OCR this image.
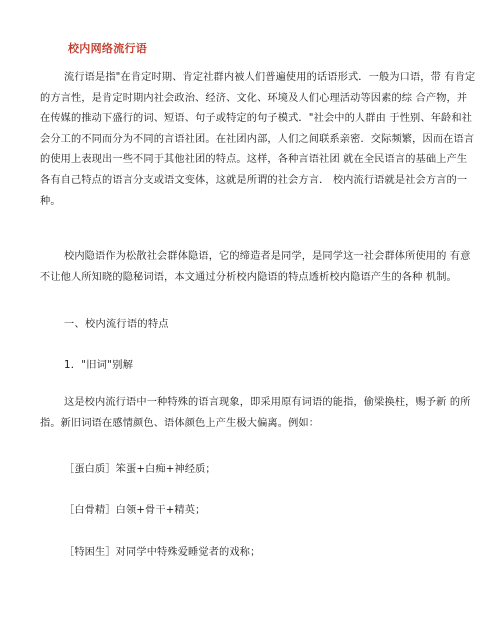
校内网络流行语
流行语是指"在肯定时期、肯定社群内被人们普遍使用的话语形式．一般为口语，带 有肯定
的方言性，是肯定时期内社会政治、经济、文化、环境及人们心理活动等因素的综 合产物，并
在传媒的推动下盛行的词、短语、句子或特定的句子模式．"社会中的人群由 于性别、年龄和社
会分工的不同而分为不同的言语社团。在社团内部，人们之间联系亲密．交际频繁，因而在语言
的使用上表现出一些不同于其他社团的特点。这样，各种言语社团 就在全民语言的基础上产生
各有自己特点的语言分支或语文变体，这就是所谓的社会方言． 校内流行语就是社会方言的一
种。
校内隐语作为松散社会群体隐语，它的缔造者是同学，是同学这一社会群体所使用的 有意
不让他人所知晓的隐秘词语，本文通过分析校内隐语的特点透析校内隐语产生的各种 机制。
一、校内流行语的特点
1．"旧词"别解
这是校内流行语中一种特殊的语言现象，即采用原有词语的能指，偷梁换柱，赐予新 的所
指。新旧词语在感情颜色、语体颜色上产生极大偏离。例如：
［蛋白质］笨蛋+白痴+神经质；
［白骨精］白领+骨干+精英；
［特困生］对同学中特殊爱睡觉者的戏称；
